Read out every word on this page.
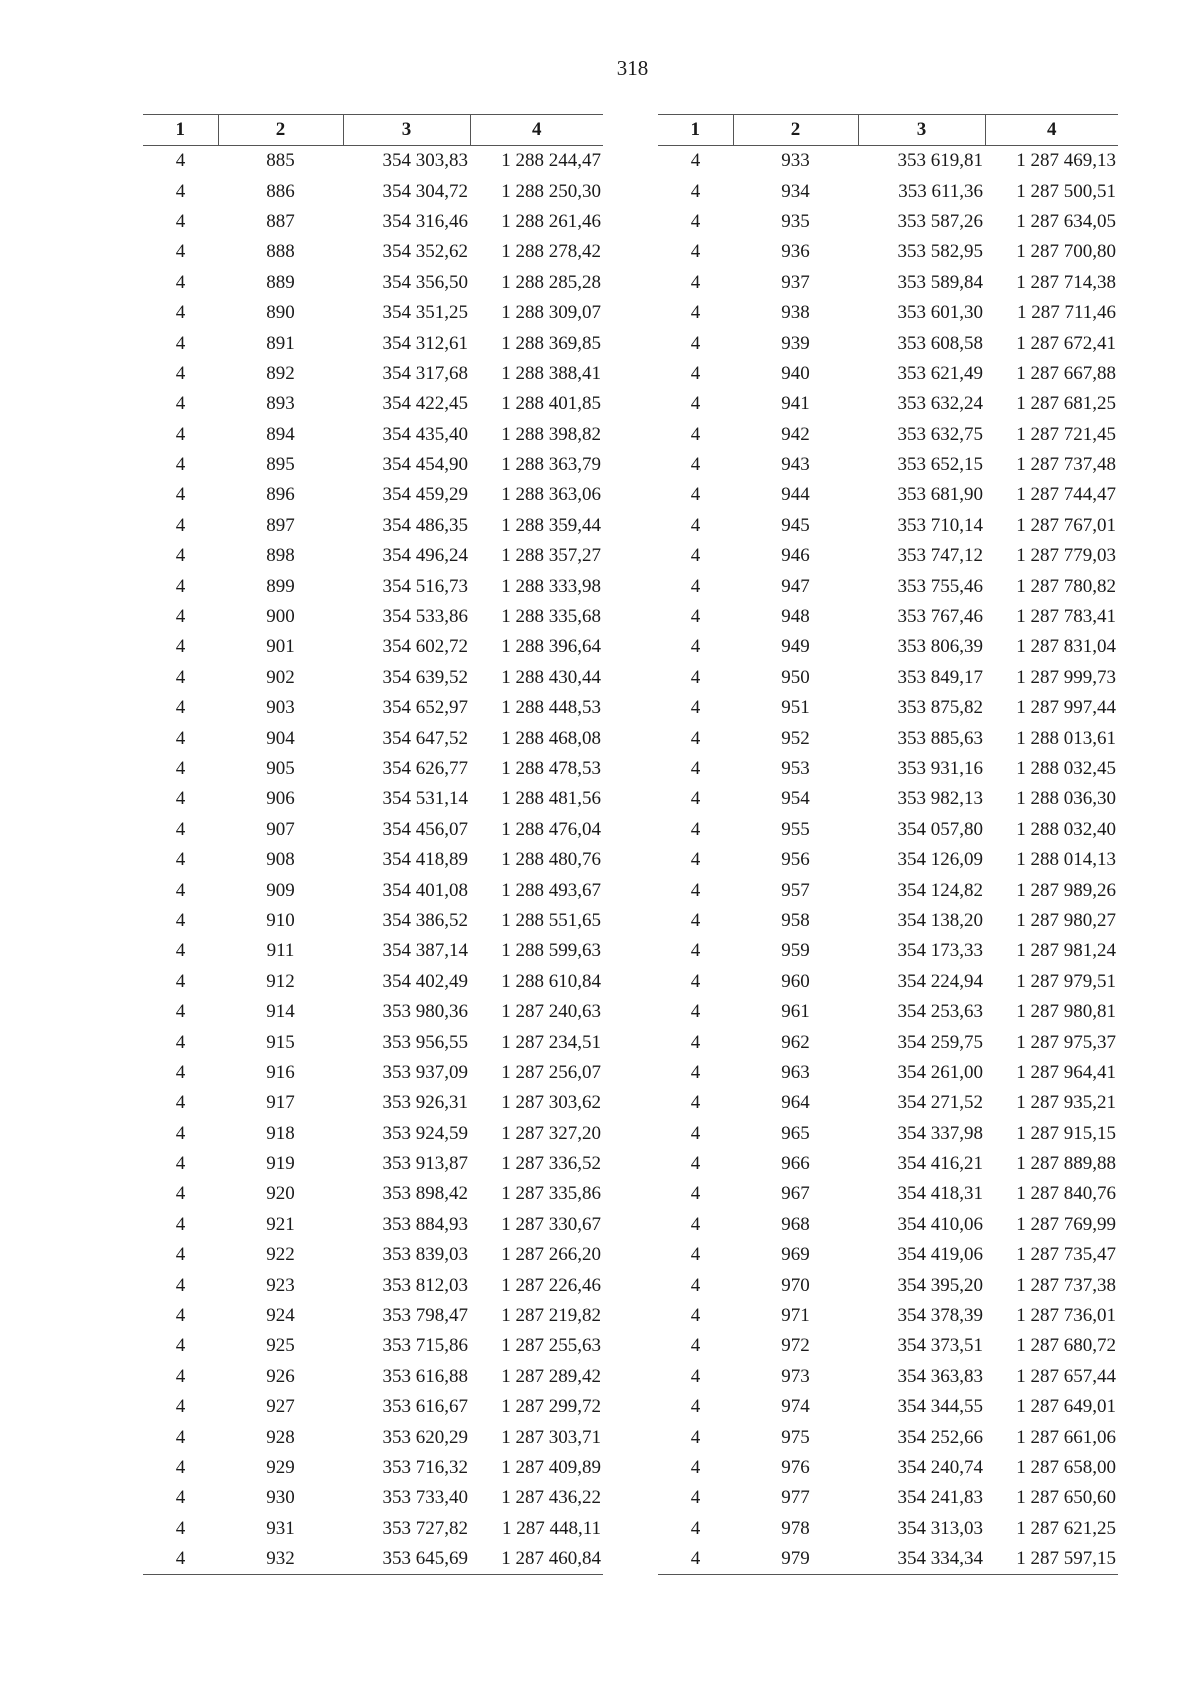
318
1	2	3	4
4	885	354 303,83	1 288 244,47
4	886	354 304,72	1 288 250,30
4	887	354 316,46	1 288 261,46
4	888	354 352,62	1 288 278,42
4	889	354 356,50	1 288 285,28
4	890	354 351,25	1 288 309,07
4	891	354 312,61	1 288 369,85
4	892	354 317,68	1 288 388,41
4	893	354 422,45	1 288 401,85
4	894	354 435,40	1 288 398,82
4	895	354 454,90	1 288 363,79
4	896	354 459,29	1 288 363,06
4	897	354 486,35	1 288 359,44
4	898	354 496,24	1 288 357,27
4	899	354 516,73	1 288 333,98
4	900	354 533,86	1 288 335,68
4	901	354 602,72	1 288 396,64
4	902	354 639,52	1 288 430,44
4	903	354 652,97	1 288 448,53
4	904	354 647,52	1 288 468,08
4	905	354 626,77	1 288 478,53
4	906	354 531,14	1 288 481,56
4	907	354 456,07	1 288 476,04
4	908	354 418,89	1 288 480,76
4	909	354 401,08	1 288 493,67
4	910	354 386,52	1 288 551,65
4	911	354 387,14	1 288 599,63
4	912	354 402,49	1 288 610,84
4	914	353 980,36	1 287 240,63
4	915	353 956,55	1 287 234,51
4	916	353 937,09	1 287 256,07
4	917	353 926,31	1 287 303,62
4	918	353 924,59	1 287 327,20
4	919	353 913,87	1 287 336,52
4	920	353 898,42	1 287 335,86
4	921	353 884,93	1 287 330,67
4	922	353 839,03	1 287 266,20
4	923	353 812,03	1 287 226,46
4	924	353 798,47	1 287 219,82
4	925	353 715,86	1 287 255,63
4	926	353 616,88	1 287 289,42
4	927	353 616,67	1 287 299,72
4	928	353 620,29	1 287 303,71
4	929	353 716,32	1 287 409,89
4	930	353 733,40	1 287 436,22
4	931	353 727,82	1 287 448,11
4	932	353 645,69	1 287 460,84
1	2	3	4
4	933	353 619,81	1 287 469,13
4	934	353 611,36	1 287 500,51
4	935	353 587,26	1 287 634,05
4	936	353 582,95	1 287 700,80
4	937	353 589,84	1 287 714,38
4	938	353 601,30	1 287 711,46
4	939	353 608,58	1 287 672,41
4	940	353 621,49	1 287 667,88
4	941	353 632,24	1 287 681,25
4	942	353 632,75	1 287 721,45
4	943	353 652,15	1 287 737,48
4	944	353 681,90	1 287 744,47
4	945	353 710,14	1 287 767,01
4	946	353 747,12	1 287 779,03
4	947	353 755,46	1 287 780,82
4	948	353 767,46	1 287 783,41
4	949	353 806,39	1 287 831,04
4	950	353 849,17	1 287 999,73
4	951	353 875,82	1 287 997,44
4	952	353 885,63	1 288 013,61
4	953	353 931,16	1 288 032,45
4	954	353 982,13	1 288 036,30
4	955	354 057,80	1 288 032,40
4	956	354 126,09	1 288 014,13
4	957	354 124,82	1 287 989,26
4	958	354 138,20	1 287 980,27
4	959	354 173,33	1 287 981,24
4	960	354 224,94	1 287 979,51
4	961	354 253,63	1 287 980,81
4	962	354 259,75	1 287 975,37
4	963	354 261,00	1 287 964,41
4	964	354 271,52	1 287 935,21
4	965	354 337,98	1 287 915,15
4	966	354 416,21	1 287 889,88
4	967	354 418,31	1 287 840,76
4	968	354 410,06	1 287 769,99
4	969	354 419,06	1 287 735,47
4	970	354 395,20	1 287 737,38
4	971	354 378,39	1 287 736,01
4	972	354 373,51	1 287 680,72
4	973	354 363,83	1 287 657,44
4	974	354 344,55	1 287 649,01
4	975	354 252,66	1 287 661,06
4	976	354 240,74	1 287 658,00
4	977	354 241,83	1 287 650,60
4	978	354 313,03	1 287 621,25
4	979	354 334,34	1 287 597,15
